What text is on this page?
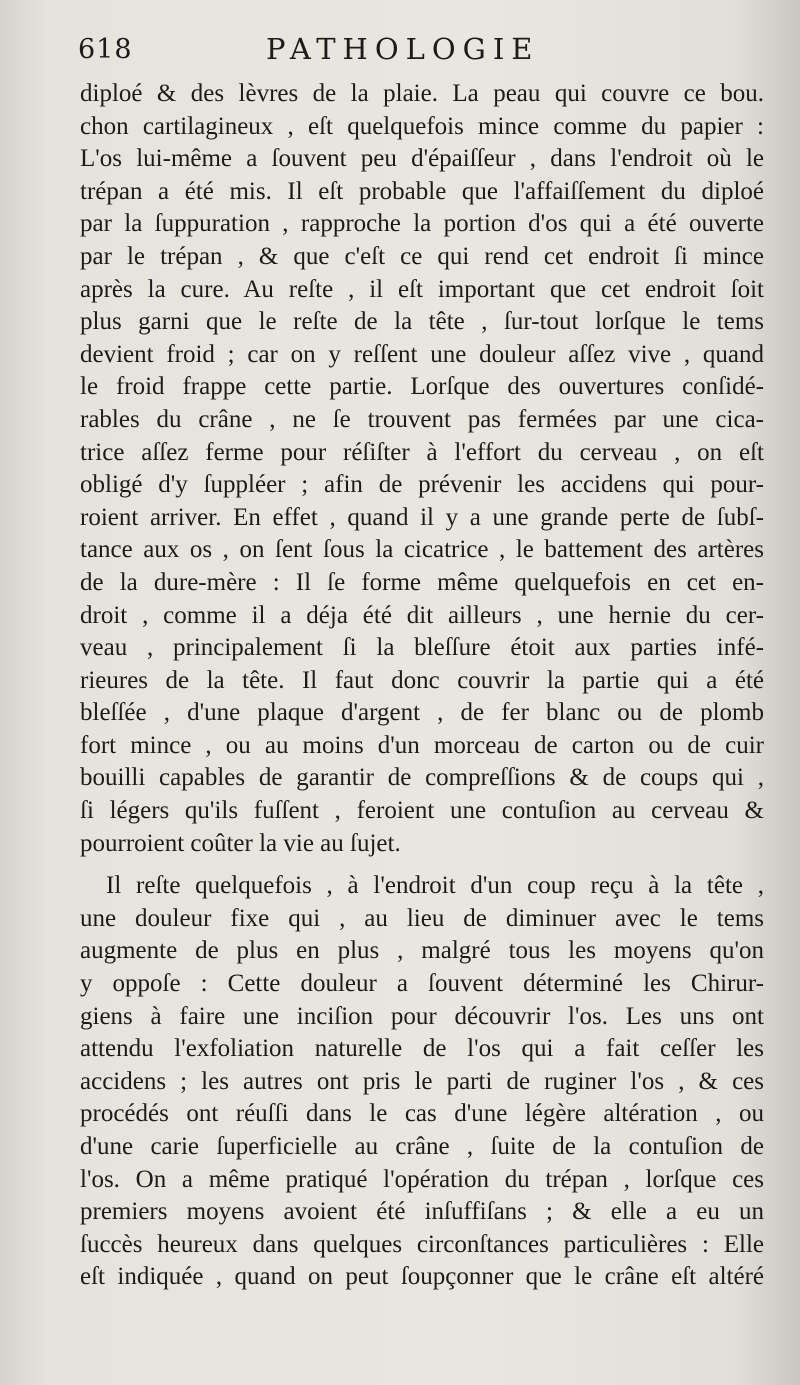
618	PATHOLOGIE
diploé & des lèvres de la plaie. La peau qui couvre ce bou.
chon cartilagineux , eſt quelquefois mince comme du papier :
L'os lui-même a ſouvent peu d'épaiſſeur , dans l'endroit où le
trépan a été mis. Il eſt probable que l'affaiſſement du diploé
par la ſuppuration , rapproche la portion d'os qui a été ouverte
par le trépan , & que c'eſt ce qui rend cet endroit ſi mince
après la cure. Au reſte , il eſt important que cet endroit ſoit
plus garni que le reſte de la tête , ſur-tout lorſque le tems
devient froid ; car on y reſſent une douleur aſſez vive , quand
le froid frappe cette partie. Lorſque des ouvertures conſidé-
rables du crâne , ne ſe trouvent pas fermées par une cica-
trice aſſez ferme pour réſiſter à l'effort du cerveau , on eſt
obligé d'y ſuppléer ; afin de prévenir les accidens qui pour-
roient arriver. En effet , quand il y a une grande perte de ſubſ-
tance aux os , on ſent ſous la cicatrice , le battement des artères
de la dure-mère : Il ſe forme même quelquefois en cet en-
droit , comme il a déja été dit ailleurs , une hernie du cer-
veau , principalement ſi la bleſſure étoit aux parties infé-
rieures de la tête. Il faut donc couvrir la partie qui a été
bleſſée , d'une plaque d'argent , de fer blanc ou de plomb
fort mince , ou au moins d'un morceau de carton ou de cuir
bouilli capables de garantir de compreſſions & de coups qui ,
ſi légers qu'ils fuſſent , feroient une contuſion au cerveau &
pourroient coûter la vie au ſujet.
Il reſte quelquefois , à l'endroit d'un coup reçu à la tête ,
une douleur fixe qui , au lieu de diminuer avec le tems
augmente de plus en plus , malgré tous les moyens qu'on
y oppoſe : Cette douleur a ſouvent déterminé les Chirur-
giens à faire une inciſion pour découvrir l'os. Les uns ont
attendu l'exfoliation naturelle de l'os qui a fait ceſſer les
accidens ; les autres ont pris le parti de ruginer l'os , & ces
procédés ont réuſſi dans le cas d'une légère altération , ou
d'une carie ſuperficielle au crâne , ſuite de la contuſion de
l'os. On a même pratiqué l'opération du trépan , lorſque ces
premiers moyens avoient été inſuffiſans ; & elle a eu un
ſuccès heureux dans quelques circonſtances particulières : Elle
eſt indiquée , quand on peut ſoupçonner que le crâne eſt altéré
